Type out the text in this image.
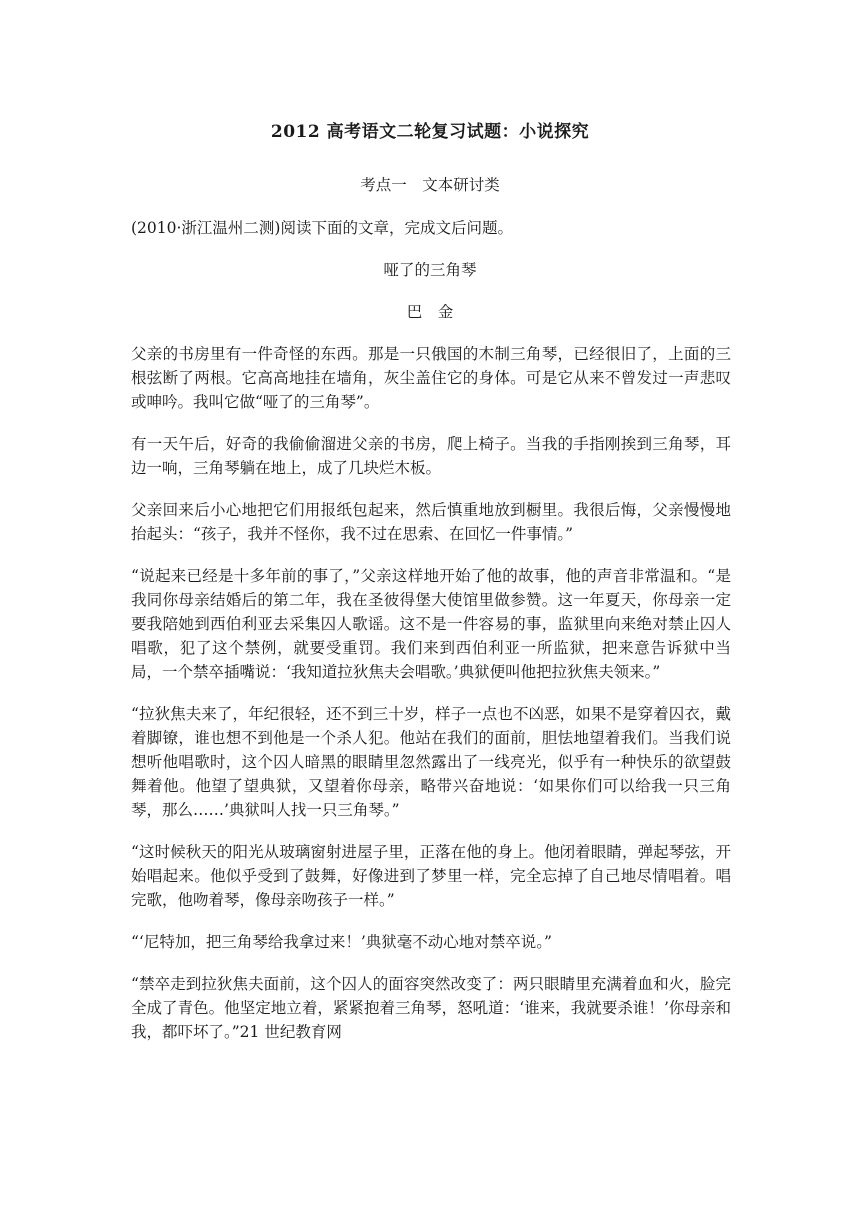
2012 高考语文二轮复习试题：小说探究
考点一　文本研讨类
(2010·浙江温州二测)阅读下面的文章，完成文后问题。
哑了的三角琴
巴　金

父亲的书房里有一件奇怪的东西。那是一只俄国的木制三角琴，已经很旧了，上面的三根弦断了两根。它高高地挂在墙角，灰尘盖住它的身体。可是它从来不曾发过一声悲叹或呻吟。我叫它做“哑了的三角琴”。

有一天午后，好奇的我偷偷溜进父亲的书房，爬上椅子。当我的手指刚挨到三角琴，耳边一响，三角琴躺在地上，成了几块烂木板。

父亲回来后小心地把它们用报纸包起来，然后慎重地放到橱里。我很后悔，父亲慢慢地抬起头：“孩子，我并不怪你，我不过在思索、在回忆一件事情。”

“说起来已经是十多年前的事了，”父亲这样地开始了他的故事，他的声音非常温和。“是我同你母亲结婚后的第二年，我在圣彼得堡大使馆里做参赞。这一年夏天，你母亲一定要我陪她到西伯利亚去采集囚人歌谣。这不是一件容易的事，监狱里向来绝对禁止囚人唱歌，犯了这个禁例，就要受重罚。我们来到西伯利亚一所监狱，把来意告诉狱中当局，一个禁卒插嘴说：‘我知道拉狄焦夫会唱歌。’典狱便叫他把拉狄焦夫领来。”

“拉狄焦夫来了，年纪很轻，还不到三十岁，样子一点也不凶恶，如果不是穿着囚衣，戴着脚镣，谁也想不到他是一个杀人犯。他站在我们的面前，胆怯地望着我们。当我们说想听他唱歌时，这个囚人暗黑的眼睛里忽然露出了一线亮光，似乎有一种快乐的欲望鼓舞着他。他望了望典狱，又望着你母亲，略带兴奋地说：‘如果你们可以给我一只三角琴，那么……’典狱叫人找一只三角琴。”

“这时候秋天的阳光从玻璃窗射进屋子里，正落在他的身上。他闭着眼睛，弹起琴弦，开始唱起来。他似乎受到了鼓舞，好像进到了梦里一样，完全忘掉了自己地尽情唱着。唱完歌，他吻着琴，像母亲吻孩子一样。”

“‘尼特加，把三角琴给我拿过来！’典狱毫不动心地对禁卒说。”

“禁卒走到拉狄焦夫面前，这个囚人的面容突然改变了：两只眼睛里充满着血和火，脸完全成了青色。他坚定地立着，紧紧抱着三角琴，怒吼道：‘谁来，我就要杀谁！’你母亲和我，都吓坏了。”21 世纪教育网
